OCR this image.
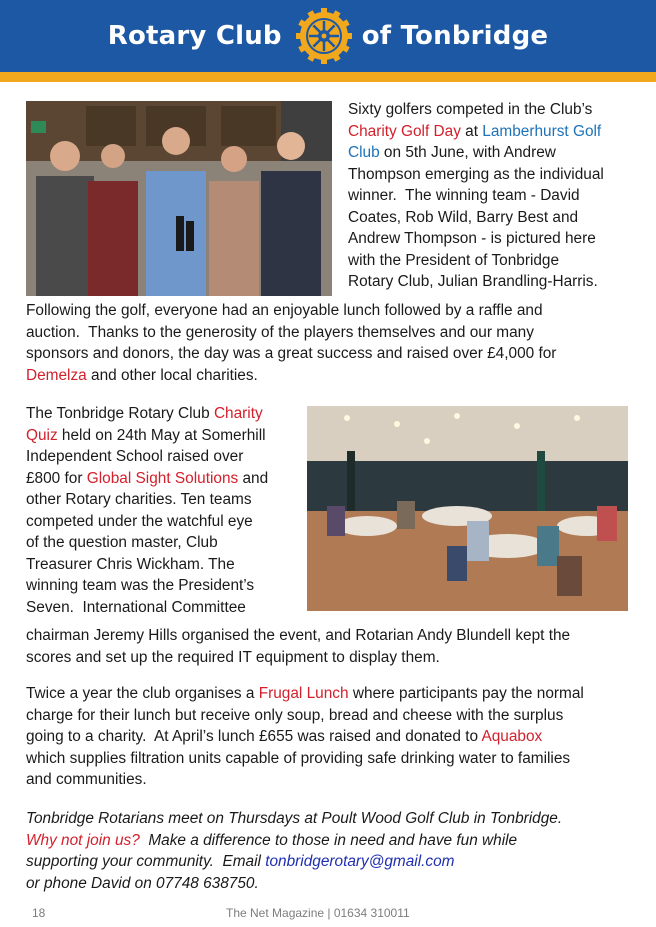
Rotary Club	of Tonbridge
Sixty golfers competed in the Club’s
Charity Golf Day at Lamberhurst Golf
Club on 5th June, with Andrew
Thompson emerging as the individual
winner.  The winning team - David
Coates, Rob Wild, Barry Best and
Andrew Thompson - is pictured here
with the President of Tonbridge
Rotary Club, Julian Brandling-Harris.
Following the golf, everyone had an enjoyable lunch followed by a raffle and
auction.  Thanks to the generosity of the players themselves and our many
sponsors and donors, the day was a great success and raised over £4,000 for
Demelza and other local charities.
The Tonbridge Rotary Club Charity
Quiz held on 24th May at Somerhill
Independent School raised over
£800 for Global Sight Solutions and
other Rotary charities. Ten teams
competed under the watchful eye
of the question master, Club
Treasurer Chris Wickham. The
winning team was the President’s
Seven.  International Committee
chairman Jeremy Hills organised the event, and Rotarian Andy Blundell kept the
scores and set up the required IT equipment to display them.
Twice a year the club organises a Frugal Lunch where participants pay the normal
charge for their lunch but receive only soup, bread and cheese with the surplus
going to a charity.  At April’s lunch £655 was raised and donated to Aquabox
which supplies filtration units capable of providing safe drinking water to families
and communities.
Tonbridge Rotarians meet on Thursdays at Poult Wood Golf Club in Tonbridge.
Why not join us?  Make a difference to those in need and have fun while
supporting your community.  Email tonbridgerotary@gmail.com
or phone David on 07748 638750.
18	The Net Magazine | 01634 310011
